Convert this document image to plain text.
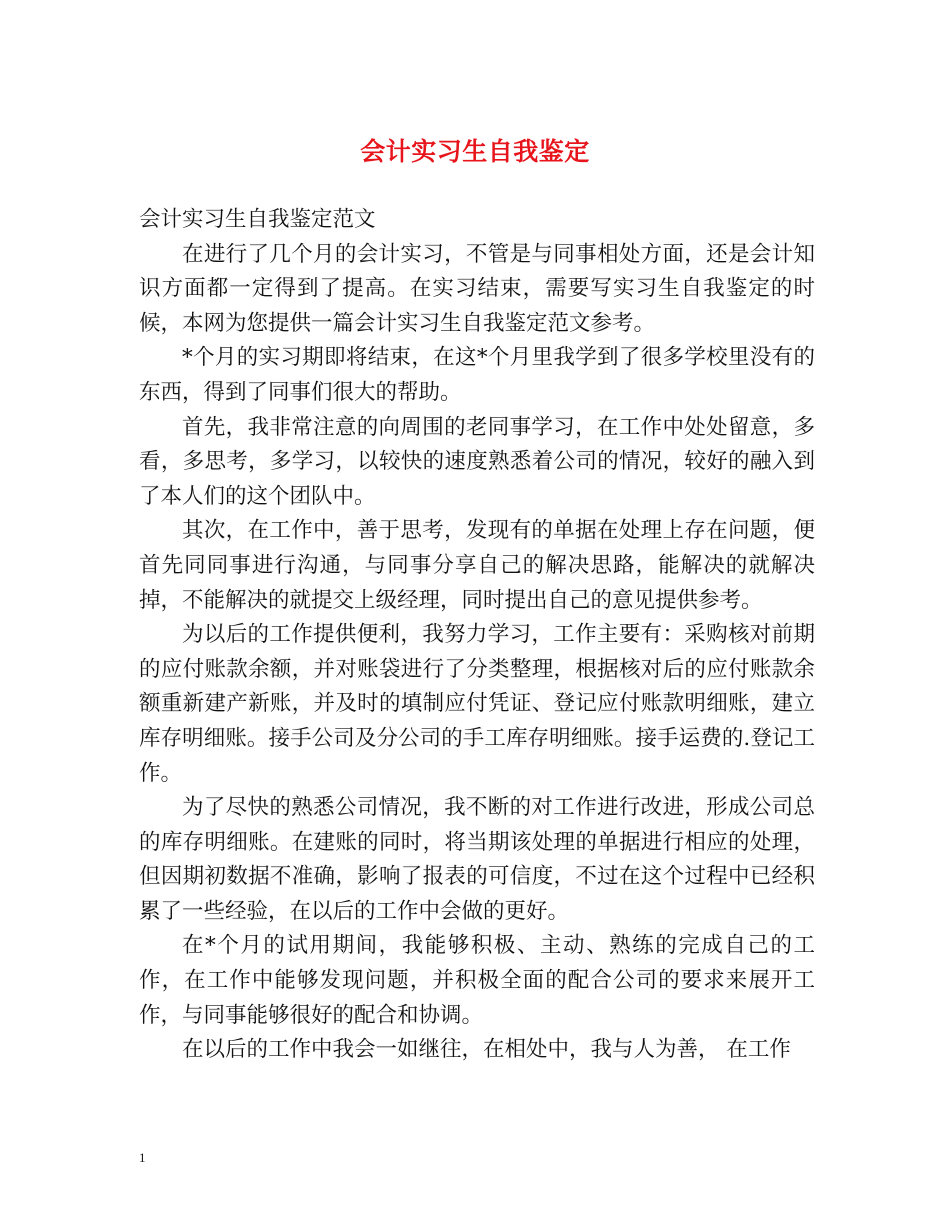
会计实习生自我鉴定

会计实习生自我鉴定范文

在进行了几个月的会计实习，不管是与同事相处方面，还是会计知识方面都一定得到了提高。在实习结束，需要写实习生自我鉴定的时候，本网为您提供一篇会计实习生自我鉴定范文参考。

*个月的实习期即将结束，在这*个月里我学到了很多学校里没有的东西，得到了同事们很大的帮助。

首先，我非常注意的向周围的老同事学习，在工作中处处留意，多看，多思考，多学习，以较快的速度熟悉着公司的情况，较好的融入到了本人们的这个团队中。

其次，在工作中，善于思考，发现有的单据在处理上存在问题，便首先同同事进行沟通，与同事分享自己的解决思路，能解决的就解决掉，不能解决的就提交上级经理，同时提出自己的意见提供参考。

为以后的工作提供便利，我努力学习，工作主要有：采购核对前期的应付账款余额，并对账袋进行了分类整理，根据核对后的应付账款余额重新建产新账，并及时的填制应付凭证、登记应付账款明细账，建立库存明细账。接手公司及分公司的手工库存明细账。接手运费的.登记工作。

为了尽快的熟悉公司情况，我不断的对工作进行改进，形成公司总的库存明细账。在建账的同时，将当期该处理的单据进行相应的处理，但因期初数据不准确，影响了报表的可信度，不过在这个过程中已经积累了一些经验，在以后的工作中会做的更好。

在*个月的试用期间，我能够积极、主动、熟练的完成自己的工作，在工作中能够发现问题，并积极全面的配合公司的要求来展开工作，与同事能够很好的配合和协调。

在以后的工作中我会一如继往，在相处中，我与人为善， 在工作

1
